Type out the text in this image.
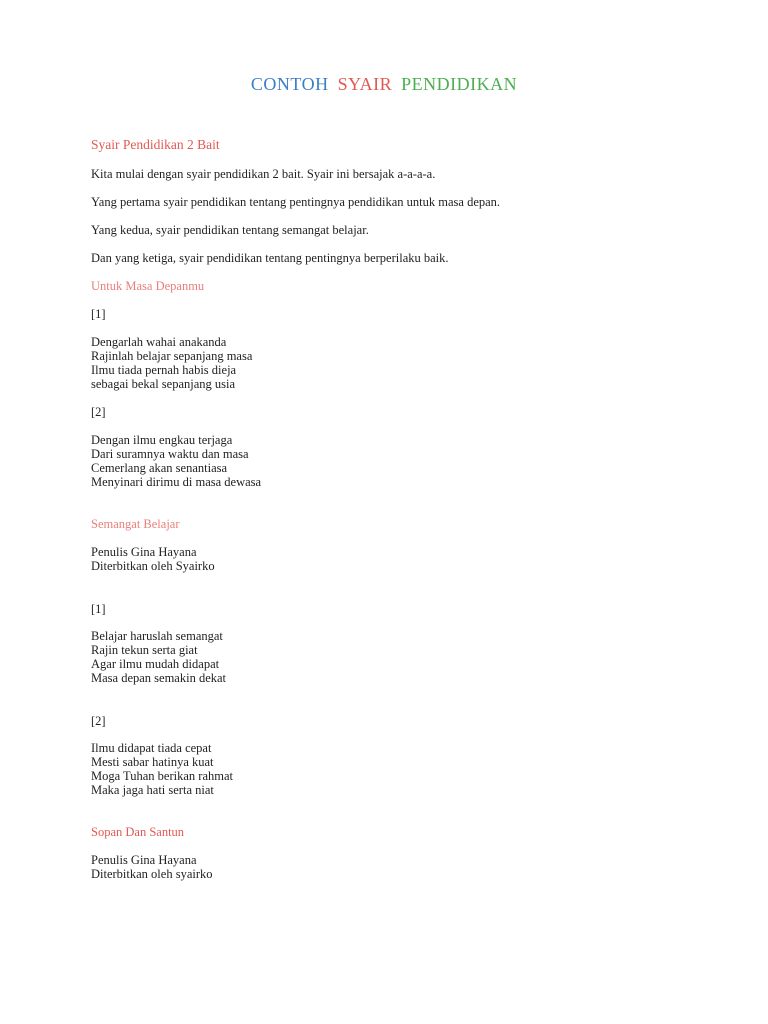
CONTOH SYAIR PENDIDIKAN
Syair Pendidikan 2 Bait
Kita mulai dengan syair pendidikan 2 bait. Syair ini bersajak a-a-a-a.
Yang pertama syair pendidikan tentang pentingnya pendidikan untuk masa depan.
Yang kedua, syair pendidikan tentang semangat belajar.
Dan yang ketiga, syair pendidikan tentang pentingnya berperilaku baik.
Untuk Masa Depanmu
[1]
Dengarlah wahai anakanda
Rajinlah belajar sepanjang masa
Ilmu tiada pernah habis dieja
sebagai bekal sepanjang usia
[2]
Dengan ilmu engkau terjaga
Dari suramnya waktu dan masa
Cemerlang akan senantiasa
Menyinari dirimu di masa dewasa
Semangat Belajar
Penulis Gina Hayana
Diterbitkan oleh Syairko
[1]
Belajar haruslah semangat
Rajin tekun serta giat
Agar ilmu mudah didapat
Masa depan semakin dekat
[2]
Ilmu didapat tiada cepat
Mesti sabar hatinya kuat
Moga Tuhan berikan rahmat
Maka jaga hati serta niat
Sopan Dan Santun
Penulis Gina Hayana
Diterbitkan oleh syairko
